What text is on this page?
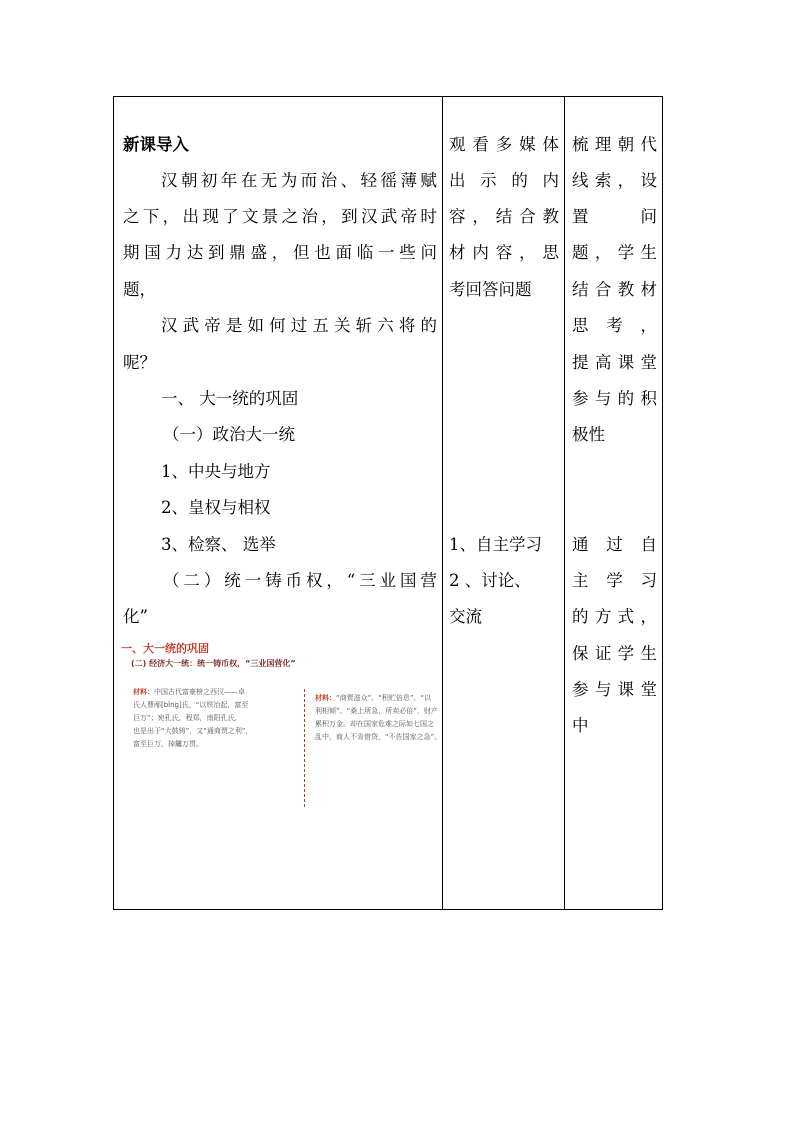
新课导入
汉 朝 初 年 在 无 为 而 治 、 轻 徭 薄 赋
之 下 ， 出 现 了 文 景 之 治 ， 到 汉 武 帝 时
期 国 力 达 到 鼎 盛 ， 但 也 面 临 一 些 问
题，
汉 武 帝 是 如 何 过 五 关 斩 六 将 的
呢？
一、 大一统的巩固
（一）政治大一统
1、中央与地方
2、皇权与相权
3、检察、 选举
（ 二 ） 统 一 铸 币 权 ， “ 三 业 国 营
化”
一、大一统的巩固
(二) 经济大一统：统一铸币权，“三业国营化”
材料：中国古代富豪榜之西汉——卓
氏人曹邴[bǐng]氏，“以铁冶起，富至
巨万”；宛孔氏，程郑，南阳孔氏，
也是出于“大鼓铸”，又“通商贾之利”，
富至巨万，掉鑪万贯。
材料：“商贾滋众”、“积贮倍息”、“以
利相倾”、“桑上所急，所卖必倍”，财产
累积万金。却在国家危难之际如七国之
乱中，商人不肯借贷，“不佐国家之急”。
观 看 多 媒 体
出 示 的 内
容 ， 结 合 教
材 内 容 ， 思
考回答问题
1、自主学习
2 、讨论、
交流
梳 理 朝 代
线 索 ， 设
置	问
题 ， 学 生
结 合 教 材
思 考 ，
提 高 课 堂
参 与 的 积
极性
通 过 自
主 学 习
的 方 式 ，
保 证 学 生
参 与 课 堂
中
